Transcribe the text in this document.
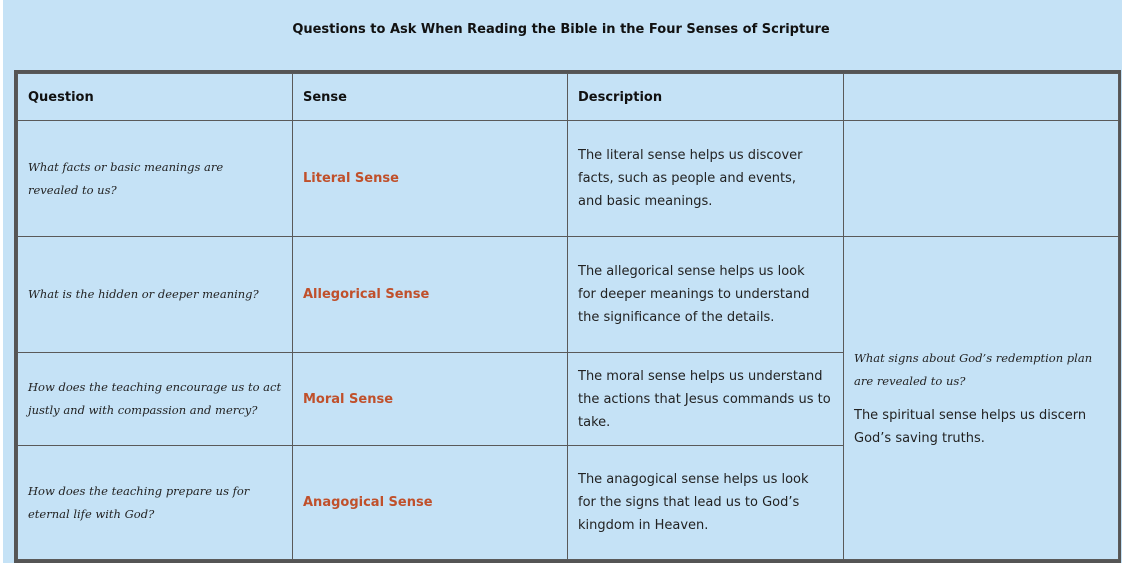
Questions to Ask When Reading the Bible in the Four Senses of Scripture
Question	Sense	Description	
What facts or basic meanings are revealed to us?	Literal Sense	The literal sense helps us discover facts, such as people and events, and basic meanings.	
What is the hidden or deeper meaning?	Allegorical Sense	The allegorical sense helps us look for deeper meanings to understand the significance of the details.	What signs about God’s redemption plan are revealed to us?
The spiritual sense helps us discern God’s saving truths.

How does the teaching encourage us to act justly and with compassion and mercy?	Moral Sense	The moral sense helps us understand the actions that Jesus commands us to take.	
How does the teaching prepare us for eternal life with God?	Anagogical Sense	The anagogical sense helps us look for the signs that lead us to God’s kingdom in Heaven.	
